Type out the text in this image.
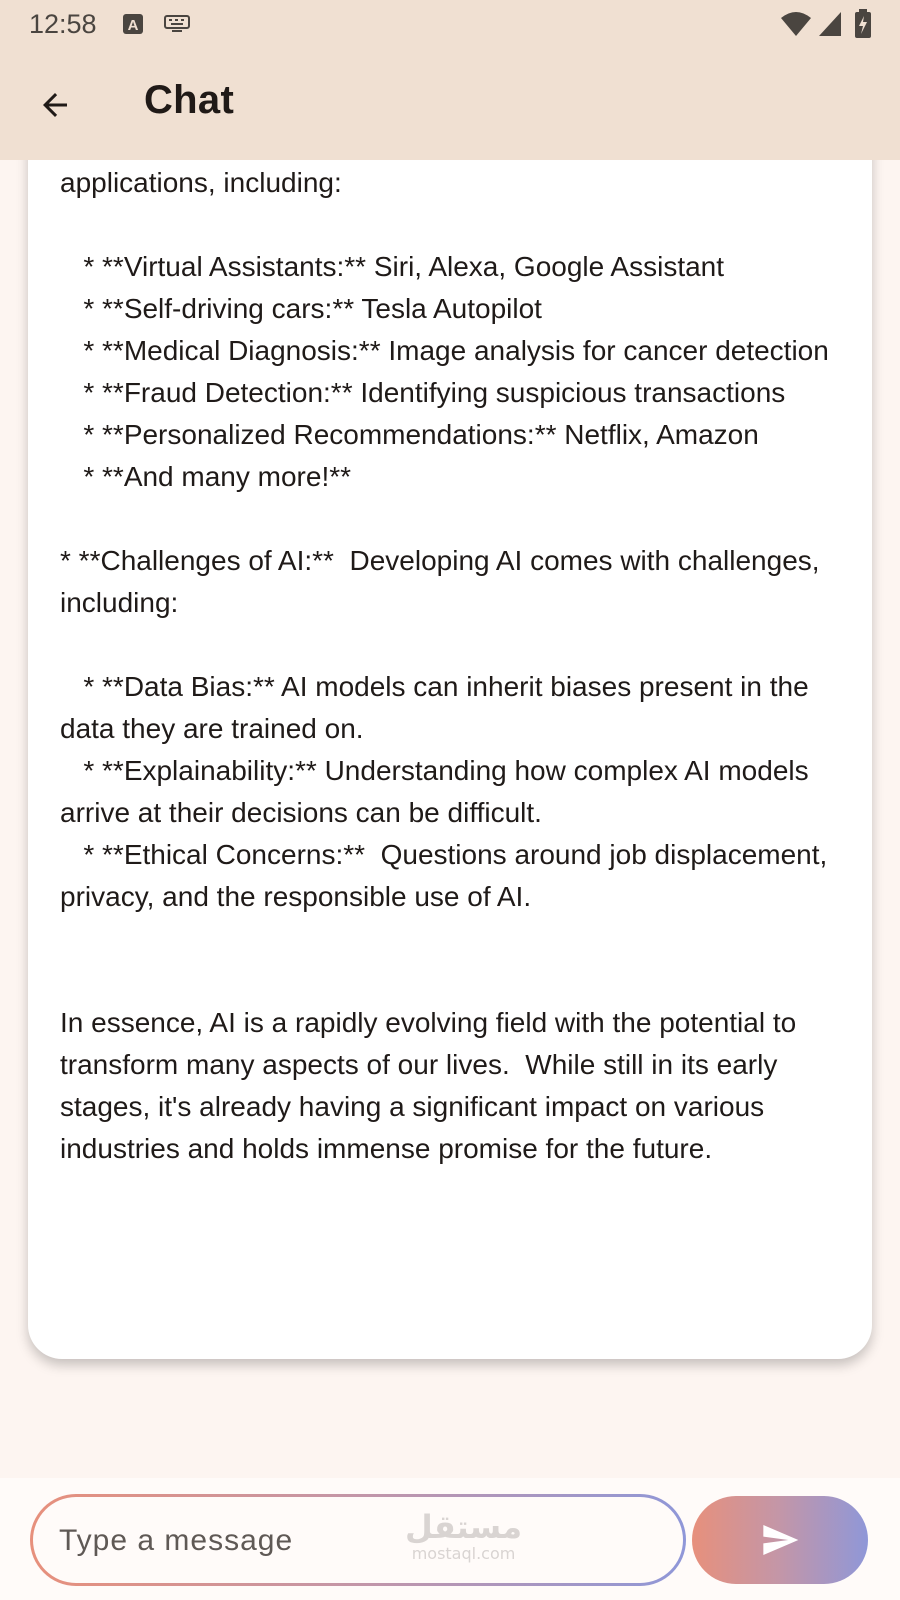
12:58 A
Chat
applications, including:

* **Virtual Assistants:** Siri, Alexa, Google Assistant
* **Self-driving cars:** Tesla Autopilot
* **Medical Diagnosis:** Image analysis for cancer detection
* **Fraud Detection:** Identifying suspicious transactions
* **Personalized Recommendations:** Netflix, Amazon
* **And many more!**

* **Challenges of AI:**  Developing AI comes with challenges, including:

* **Data Bias:** AI models can inherit biases present in the data they are trained on.
* **Explainability:** Understanding how complex AI models arrive at their decisions can be difficult.
* **Ethical Concerns:**  Questions around job displacement, privacy, and the responsible use of AI.

In essence, AI is a rapidly evolving field with the potential to transform many aspects of our lives.  While still in its early stages, it's already having a significant impact on various industries and holds immense promise for the future.
مستقل
mostaql.com
Type a message
